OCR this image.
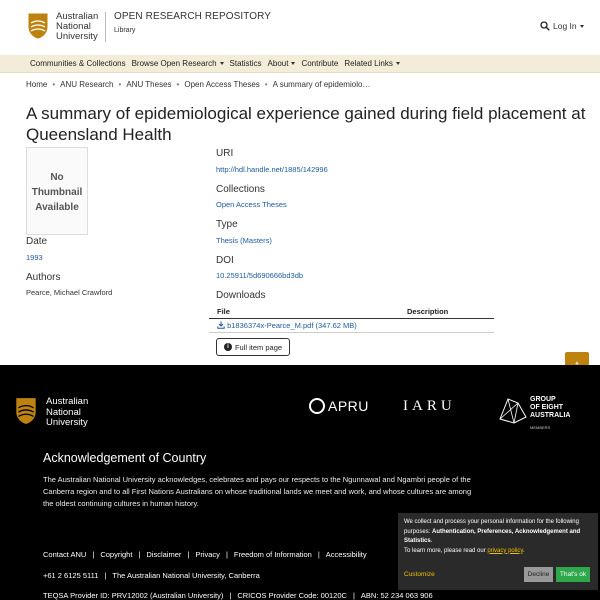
Australian
National
University
OPEN RESEARCH REPOSITORY
Library	Log In
Communities & Collections Browse Open Research	Statistics About	Contribute Related Links
Home • ANU Research • ANU Theses • Open Access Theses • A summary of epidemiolo…
A summary of epidemiological experience gained during field placement at Queensland Health
No
Thumbnail
Available
Date
1993
Authors
Pearce, Michael Crawford
URI
http://hdl.handle.net/1885/142996
Collections
Open Access Theses
Type
Thesis (Masters)
DOI
10.25911/5d690666bd3db
Downloads
File	Description
b1836374x-Pearce_M.pdf (347.62 MB)
i Full item page
Australian
National
University
APRU IARU	GROUP
OF EIGHT
AUSTRALIA
MEMBERS
Acknowledgement of Country
The Australian National University acknowledges, celebrates and pays our respects to the Ngunnawal and Ngambri people of the Canberra region and to all First Nations Australians on whose traditional lands we meet and work, and whose cultures are among the oldest continuing cultures in human history.
Contact ANU | Copyright | Disclaimer | Privacy | Freedom of Information | Accessibility
+61 2 6125 5111 | The Australian National University, Canberra
TEQSA Provider ID: PRV12002 (Australian University) | CRICOS Provider Code: 00120C | ABN: 52 234 063 906
We collect and process your personal information for the following purposes: Authentication, Preferences, Acknowledgement and Statistics.
To learn more, please read our privacy policy.
Customize	Decline	That's ok
